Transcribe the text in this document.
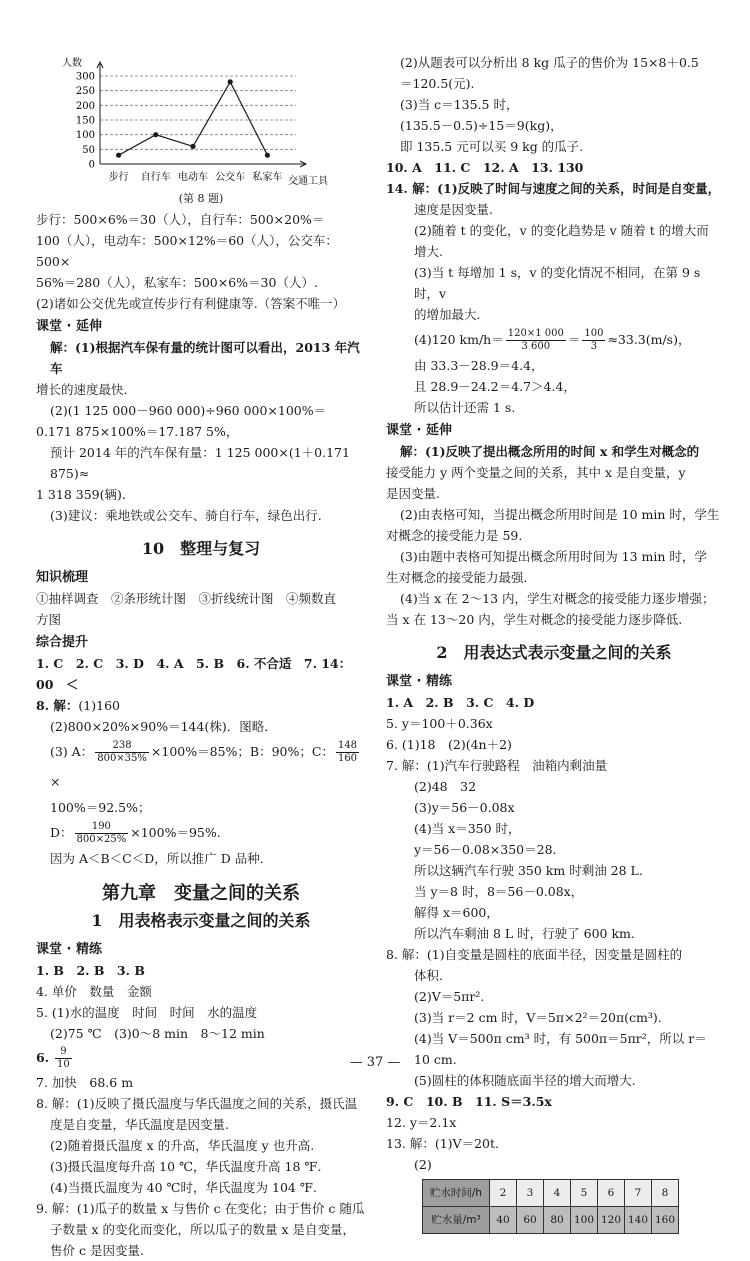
0
50
100
150
200
250
300
步行 自行车 电动车 公交车 私家车
人数
交通工具

(第 8 题)

步行：500×6%＝30（人），自行车：500×20%＝

100（人），电动车：500×12%＝60（人），公交车：500×

56%＝280（人），私家车：500×6%＝30（人）.

(2)诸如公交优先或宣传步行有利健康等.（答案不唯一）

课堂 · 延伸

解：(1)根据汽车保有量的统计图可以看出，2013 年汽车

增长的速度最快.

(2)(1 125 000－960 000)÷960 000×100%＝

0.171 875×100%＝17.187 5%，

预计 2014 年的汽车保有量：1 125 000×(1＋0.171 875)≈

1 318 359(辆).

(3)建议：乘地铁或公交车、骑自行车，绿色出行.

10　整理与复习

知识梳理

①抽样调查　②条形统计图　③折线统计图　④频数直

方图

综合提升

1. C　2. C　3. D　4. A　5. B　6. 不合适　7. 14：00　＜

8. 解：(1)160

(2)800×20%×90%＝144(株)．图略．

(3) A： $\frac{238}{800\times 35\%} \times 100\%=85\%$；B：90%；C： $\frac{148}{160}$
×

100%＝92.5%；

D： $\frac{190}{800\times 25\%} \times 100\%=95\%$.

因为 A＜B＜C＜D，所以推广 D 品种.

第九章　变量之间的关系

1　用表格表示变量之间的关系

课堂 · 精练

1. B　2. B　3. B

4. 单价　数量　金额

5. (1)水的温度　时间　时间　水的温度

(2)75 ℃　(3)0～8 min　8～12 min

6. $\frac{9}{10}$

7. 加快　68.6 m

8. 解：(1)反映了摄氏温度与华氏温度之间的关系，摄氏温

度是自变量，华氏温度是因变量.

(2)随着摄氏温度 x 的升高，华氏温度 y 也升高.

(3)摄氏温度每升高 10 ℃，华氏温度升高 18 ℉.

(4)当摄氏温度为 40 ℃时，华氏温度为 104 ℉.

9. 解：(1)瓜子的数量 x 与售价 c 在变化；由于售价 c 随瓜

子数量 x 的变化而变化，所以瓜子的数量 x 是自变量，

售价 c 是因变量.

(2)从题表可以分析出 8 kg 瓜子的售价为 15×8＋0.5

＝120.5(元).

(3)当 c＝135.5 时，

(135.5－0.5)÷15＝9(kg)，

即 135.5 元可以买 9 kg 的瓜子.

10. A　11. C　12. A　13. 130

14. 解：(1)反映了时间与速度之间的关系，时间是自变量，

速度是因变量.

(2)随着 t 的变化，v 的变化趋势是 v 随着 t 的增大而

增大.

(3)当 t 每增加 1 s，v 的变化情况不相同，在第 9 s 时，v

的增加最大.

(4)120 $km/h= \frac{120\times 1 000}{3 600} = \frac{100}{3} \approx 33.3(m/s)$，

由 33.3－28.9＝4.4，

且 28.9－24.2＝4.7＞4.4，

所以估计还需 1 s.

课堂 · 延伸

解：(1)反映了提出概念所用的时间 x 和学生对概念的

接受能力 y 两个变量之间的关系，其中 x 是自变量，y

是因变量.

(2)由表格可知，当提出概念所用时间是 10 min 时，学生

对概念的接受能力是 59.

(3)由题中表格可知提出概念所用时间为 13 min 时，学

生对概念的接受能力最强.

(4)当 x 在 2～13 内，学生对概念的接受能力逐步增强；

当 x 在 13～20 内，学生对概念的接受能力逐步降低.

2　用表达式表示变量之间的关系

课堂 · 精练

1. A　2. B　3. C　4. D

5. y＝100＋0.36x

6. (1)18　(2)(4n＋2)

7. 解：(1)汽车行驶路程　油箱内剩油量

(2)48　32

(3)y＝56－0.08x

(4)当 x＝350 时，

y＝56－0.08×350＝28.

所以这辆汽车行驶 350 km 时剩油 28 L.

当 y＝8 时，8＝56－0.08x，

解得 x＝600，

所以汽车剩油 8 L 时，行驶了 600 km.

8. 解：(1)自变量是圆柱的底面半径，因变量是圆柱的

体积.

(2)V＝5πr².

(3)当 r＝2 cm 时，V＝5π×2²＝20π(cm³).

(4)当 V＝500π cm³ 时，有 500π＝5πr²，所以 r＝10 cm.

(5)圆柱的体积随底面半径的增大而增大.

9. C　10. B　11. S＝3.5x

12. y＝2.1x

13. 解：(1)V＝20t.

(2)

贮水时间/h	2	3	4	5	6	7	8
贮水量/m³	40	60	80	100	120	140	160
— 37 —
